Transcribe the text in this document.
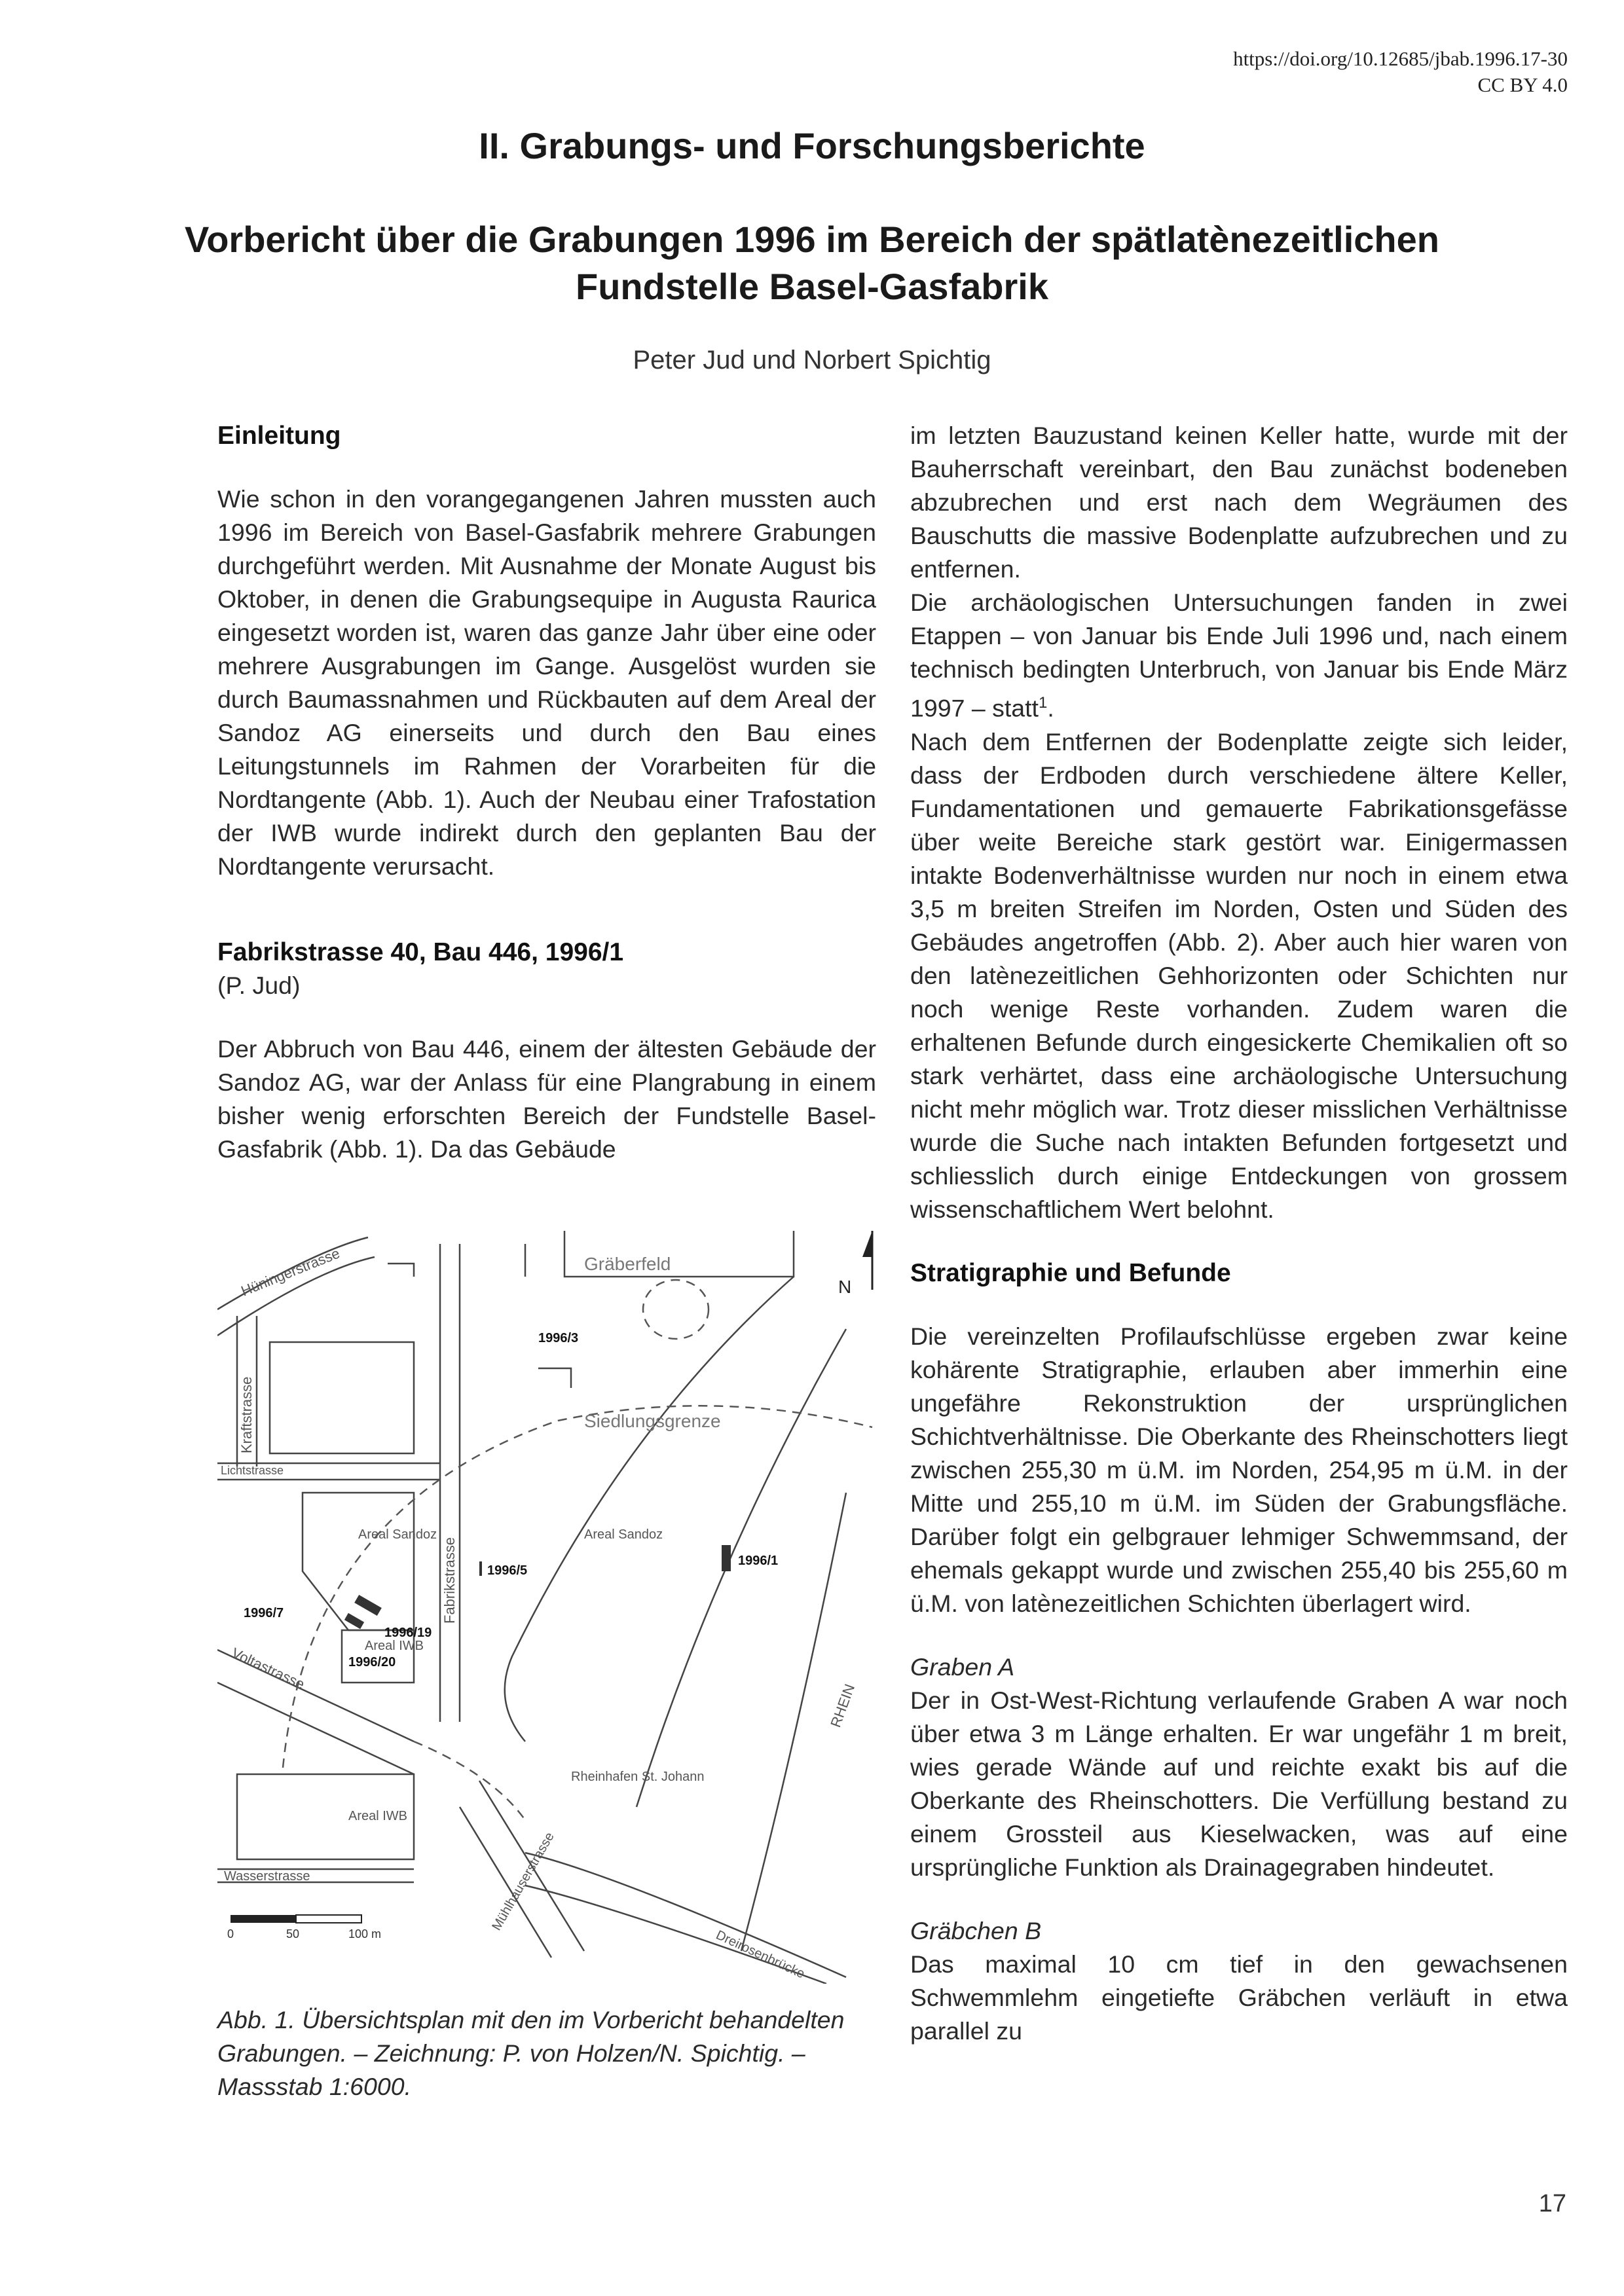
https://doi.org/10.12685/jbab.1996.17-30
CC BY 4.0
II. Grabungs- und Forschungsberichte
Vorbericht über die Grabungen 1996 im Bereich der spätlatènezeitlichen
Fundstelle Basel-Gasfabrik
Peter Jud und Norbert Spichtig
Einleitung

Wie schon in den vorangegangenen Jahren mussten auch 1996 im Bereich von Basel-Gasfabrik mehrere Grabungen durchgeführt werden. Mit Ausnahme der Monate August bis Oktober, in denen die Grabungsequipe in Augusta Raurica eingesetzt worden ist, waren das ganze Jahr über eine oder mehrere Ausgrabungen im Gange. Ausgelöst wurden sie durch Baumassnahmen und Rückbauten auf dem Areal der Sandoz AG einerseits und durch den Bau eines Leitungstunnels im Rahmen der Vorarbeiten für die Nordtangente (Abb. 1). Auch der Neubau einer Trafostation der IWB wurde indirekt durch den geplanten Bau der Nordtangente verursacht.

Fabrikstrasse 40, Bau 446, 1996/1
(P. Jud)

Der Abbruch von Bau 446, einem der ältesten Gebäude der Sandoz AG, war der Anlass für eine Plangrabung in einem bisher wenig erforschten Bereich der Fundstelle Basel-Gasfabrik (Abb. 1). Da das Gebäude

Hüningerstrasse	Gräberfeld
Siedlungsgrenze
Kraftstrasse
Lichtstrasse
Fabrikstrasse
Areal Sandoz	Areal Sandoz
Areal IWB
Voltastrasse
Rheinhafen St. Johann
RHEIN
Areal IWB
Wasserstrasse	Mühlhauserstrasse
Dreirosenbrücke
N
1996/1
1996/3
1996/5
1996/7
1996/19
1996/20
0	50	100 m
Abb. 1. Übersichtsplan mit den im Vorbericht behandelten Grabungen. – Zeichnung: P. von Holzen/N. Spichtig. – Massstab 1:6000.

im letzten Bauzustand keinen Keller hatte, wurde mit der Bauherrschaft vereinbart, den Bau zunächst bodeneben abzubrechen und erst nach dem Wegräumen des Bauschutts die massive Bodenplatte aufzubrechen und zu entfernen.

Die archäologischen Untersuchungen fanden in zwei Etappen – von Januar bis Ende Juli 1996 und, nach einem technisch bedingten Unterbruch, von Januar bis Ende März 1997 – statt$^1$.

Nach dem Entfernen der Bodenplatte zeigte sich leider, dass der Erdboden durch verschiedene ältere Keller, Fundamentationen und gemauerte Fabrikationsgefässe über weite Bereiche stark gestört war. Einigermassen intakte Bodenverhältnisse wurden nur noch in einem etwa 3,5 m breiten Streifen im Norden, Osten und Süden des Gebäudes angetroffen (Abb. 2). Aber auch hier waren von den latènezeitlichen Gehhorizonten oder Schichten nur noch wenige Reste vorhanden. Zudem waren die erhaltenen Befunde durch eingesickerte Chemikalien oft so stark verhärtet, dass eine archäologische Untersuchung nicht mehr möglich war. Trotz dieser misslichen Verhältnisse wurde die Suche nach intakten Befunden fortgesetzt und schliesslich durch einige Entdeckungen von grossem wissenschaftlichem Wert belohnt.

Stratigraphie und Befunde

Die vereinzelten Profilaufschlüsse ergeben zwar keine kohärente Stratigraphie, erlauben aber immerhin eine ungefähre Rekonstruktion der ursprünglichen Schichtverhältnisse. Die Oberkante des Rheinschotters liegt zwischen 255,30 m ü.M. im Norden, 254,95 m ü.M. in der Mitte und 255,10 m ü.M. im Süden der Grabungsfläche. Darüber folgt ein gelbgrauer lehmiger Schwemmsand, der ehemals gekappt wurde und zwischen 255,40 bis 255,60 m ü.M. von latènezeitlichen Schichten überlagert wird.

Graben A

Der in Ost-West-Richtung verlaufende Graben A war noch über etwa 3 m Länge erhalten. Er war ungefähr 1 m breit, wies gerade Wände auf und reichte exakt bis auf die Oberkante des Rheinschotters. Die Verfüllung bestand zu einem Grossteil aus Kieselwacken, was auf eine ursprüngliche Funktion als Drainagegraben hindeutet.

Gräbchen B

Das maximal 10 cm tief in den gewachsenen Schwemmlehm eingetiefte Gräbchen verläuft in etwa parallel zu

17
